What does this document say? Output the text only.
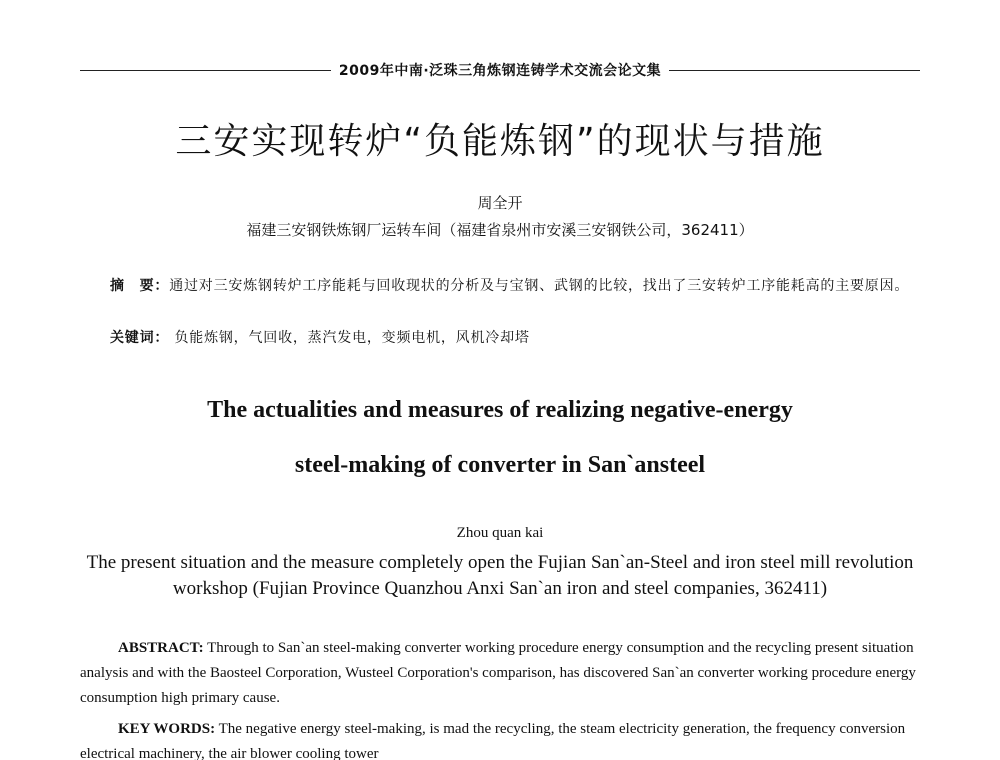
2009年中南·泛珠三角炼钢连铸学术交流会论文集
三安实现转炉“负能炼钢”的现状与措施
周全开
福建三安钢铁炼钢厂运转车间（福建省泉州市安溪三安钢铁公司，362411）

摘　要：通过对三安炼钢转炉工序能耗与回收现状的分析及与宝钢、武钢的比较，找出了三安转炉工序能耗高的主要原因。

关键词： 负能炼钢，气回收，蒸汽发电，变频电机，风机冷却塔
The actualities and measures of realizing negative-energy
steel-making of converter in San`ansteel
Zhou quan kai
The present situation and the measure completely open the Fujian San`an-Steel and iron steel mill revolution workshop (Fujian Province Quanzhou Anxi San`an iron and steel companies, 362411)

ABSTRACT: Through to San`an steel-making converter working procedure energy consumption and the recycling present situation analysis and with the Baosteel Corporation, Wusteel Corporation's comparison, has discovered San`an converter working procedure energy consumption high primary cause.

KEY WORDS: The negative energy steel-making, is mad the recycling, the steam electricity generation, the frequency conversion electrical machinery, the air blower cooling tower
